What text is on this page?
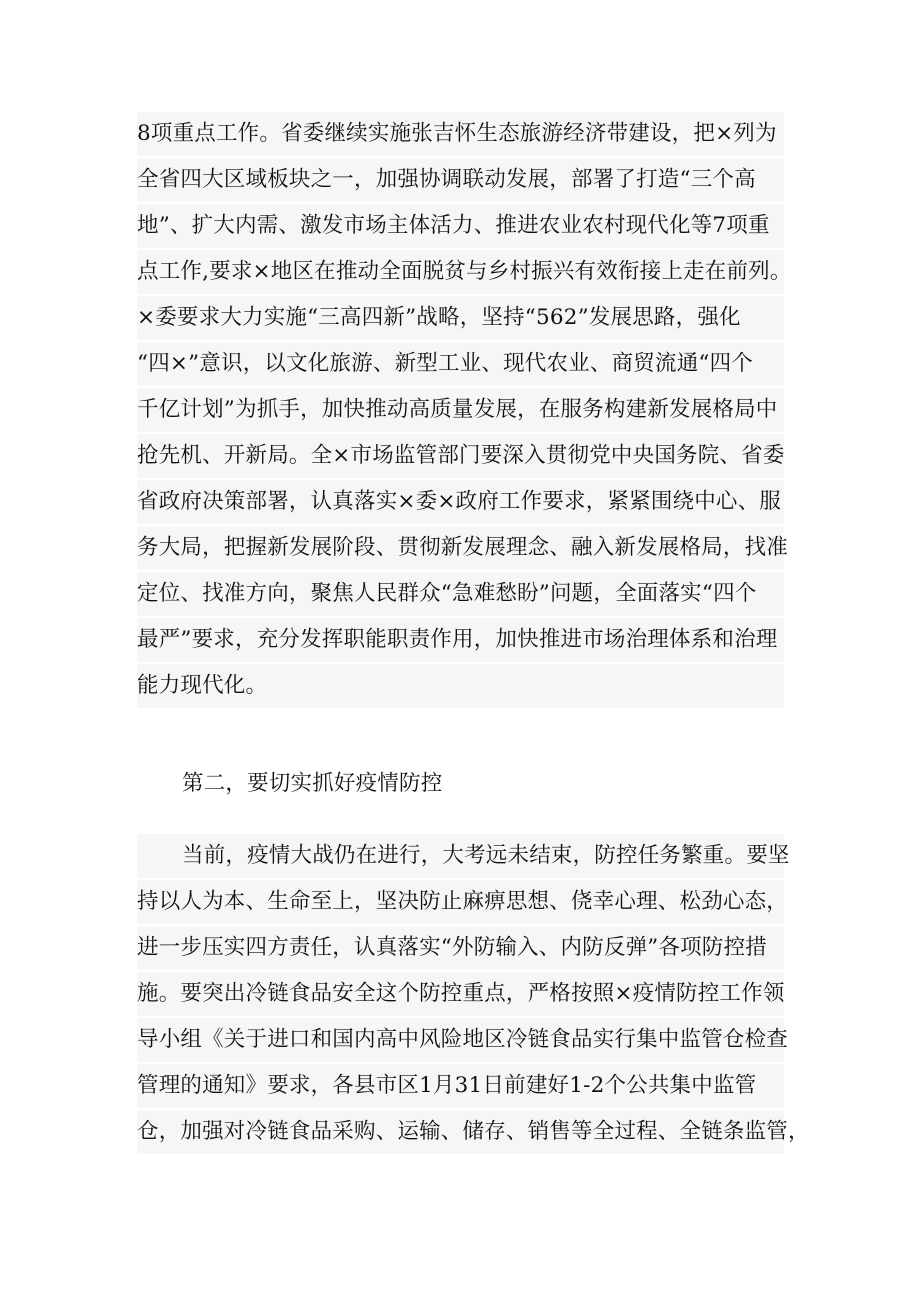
8项重点工作。省委继续实施张吉怀生态旅游经济带建设，把×列为
全省四大区域板块之一，加强协调联动发展，部署了打造“三个高
地”、扩大内需、激发市场主体活力、推进农业农村现代化等7项重
点工作,要求×地区在推动全面脱贫与乡村振兴有效衔接上走在前列。
×委要求大力实施“三高四新”战略，坚持“562”发展思路，强化
“四×”意识，以文化旅游、新型工业、现代农业、商贸流通“四个
千亿计划”为抓手，加快推动高质量发展，在服务构建新发展格局中
抢先机、开新局。全×市场监管部门要深入贯彻党中央国务院、省委
省政府决策部署，认真落实×委×政府工作要求，紧紧围绕中心、服
务大局，把握新发展阶段、贯彻新发展理念、融入新发展格局，找准
定位、找准方向，聚焦人民群众“急难愁盼”问题，全面落实“四个
最严”要求，充分发挥职能职责作用，加快推进市场治理体系和治理
能力现代化。
第二，要切实抓好疫情防控
当前，疫情大战仍在进行，大考远未结束，防控任务繁重。要坚
持以人为本、生命至上，坚决防止麻痹思想、侥幸心理、松劲心态，
进一步压实四方责任，认真落实“外防输入、内防反弹”各项防控措
施。要突出冷链食品安全这个防控重点，严格按照×疫情防控工作领
导小组《关于进口和国内高中风险地区冷链食品实行集中监管仓检查
管理的通知》要求，各县市区1月31日前建好1-2个公共集中监管
仓，加强对冷链食品采购、运输、储存、销售等全过程、全链条监管，
